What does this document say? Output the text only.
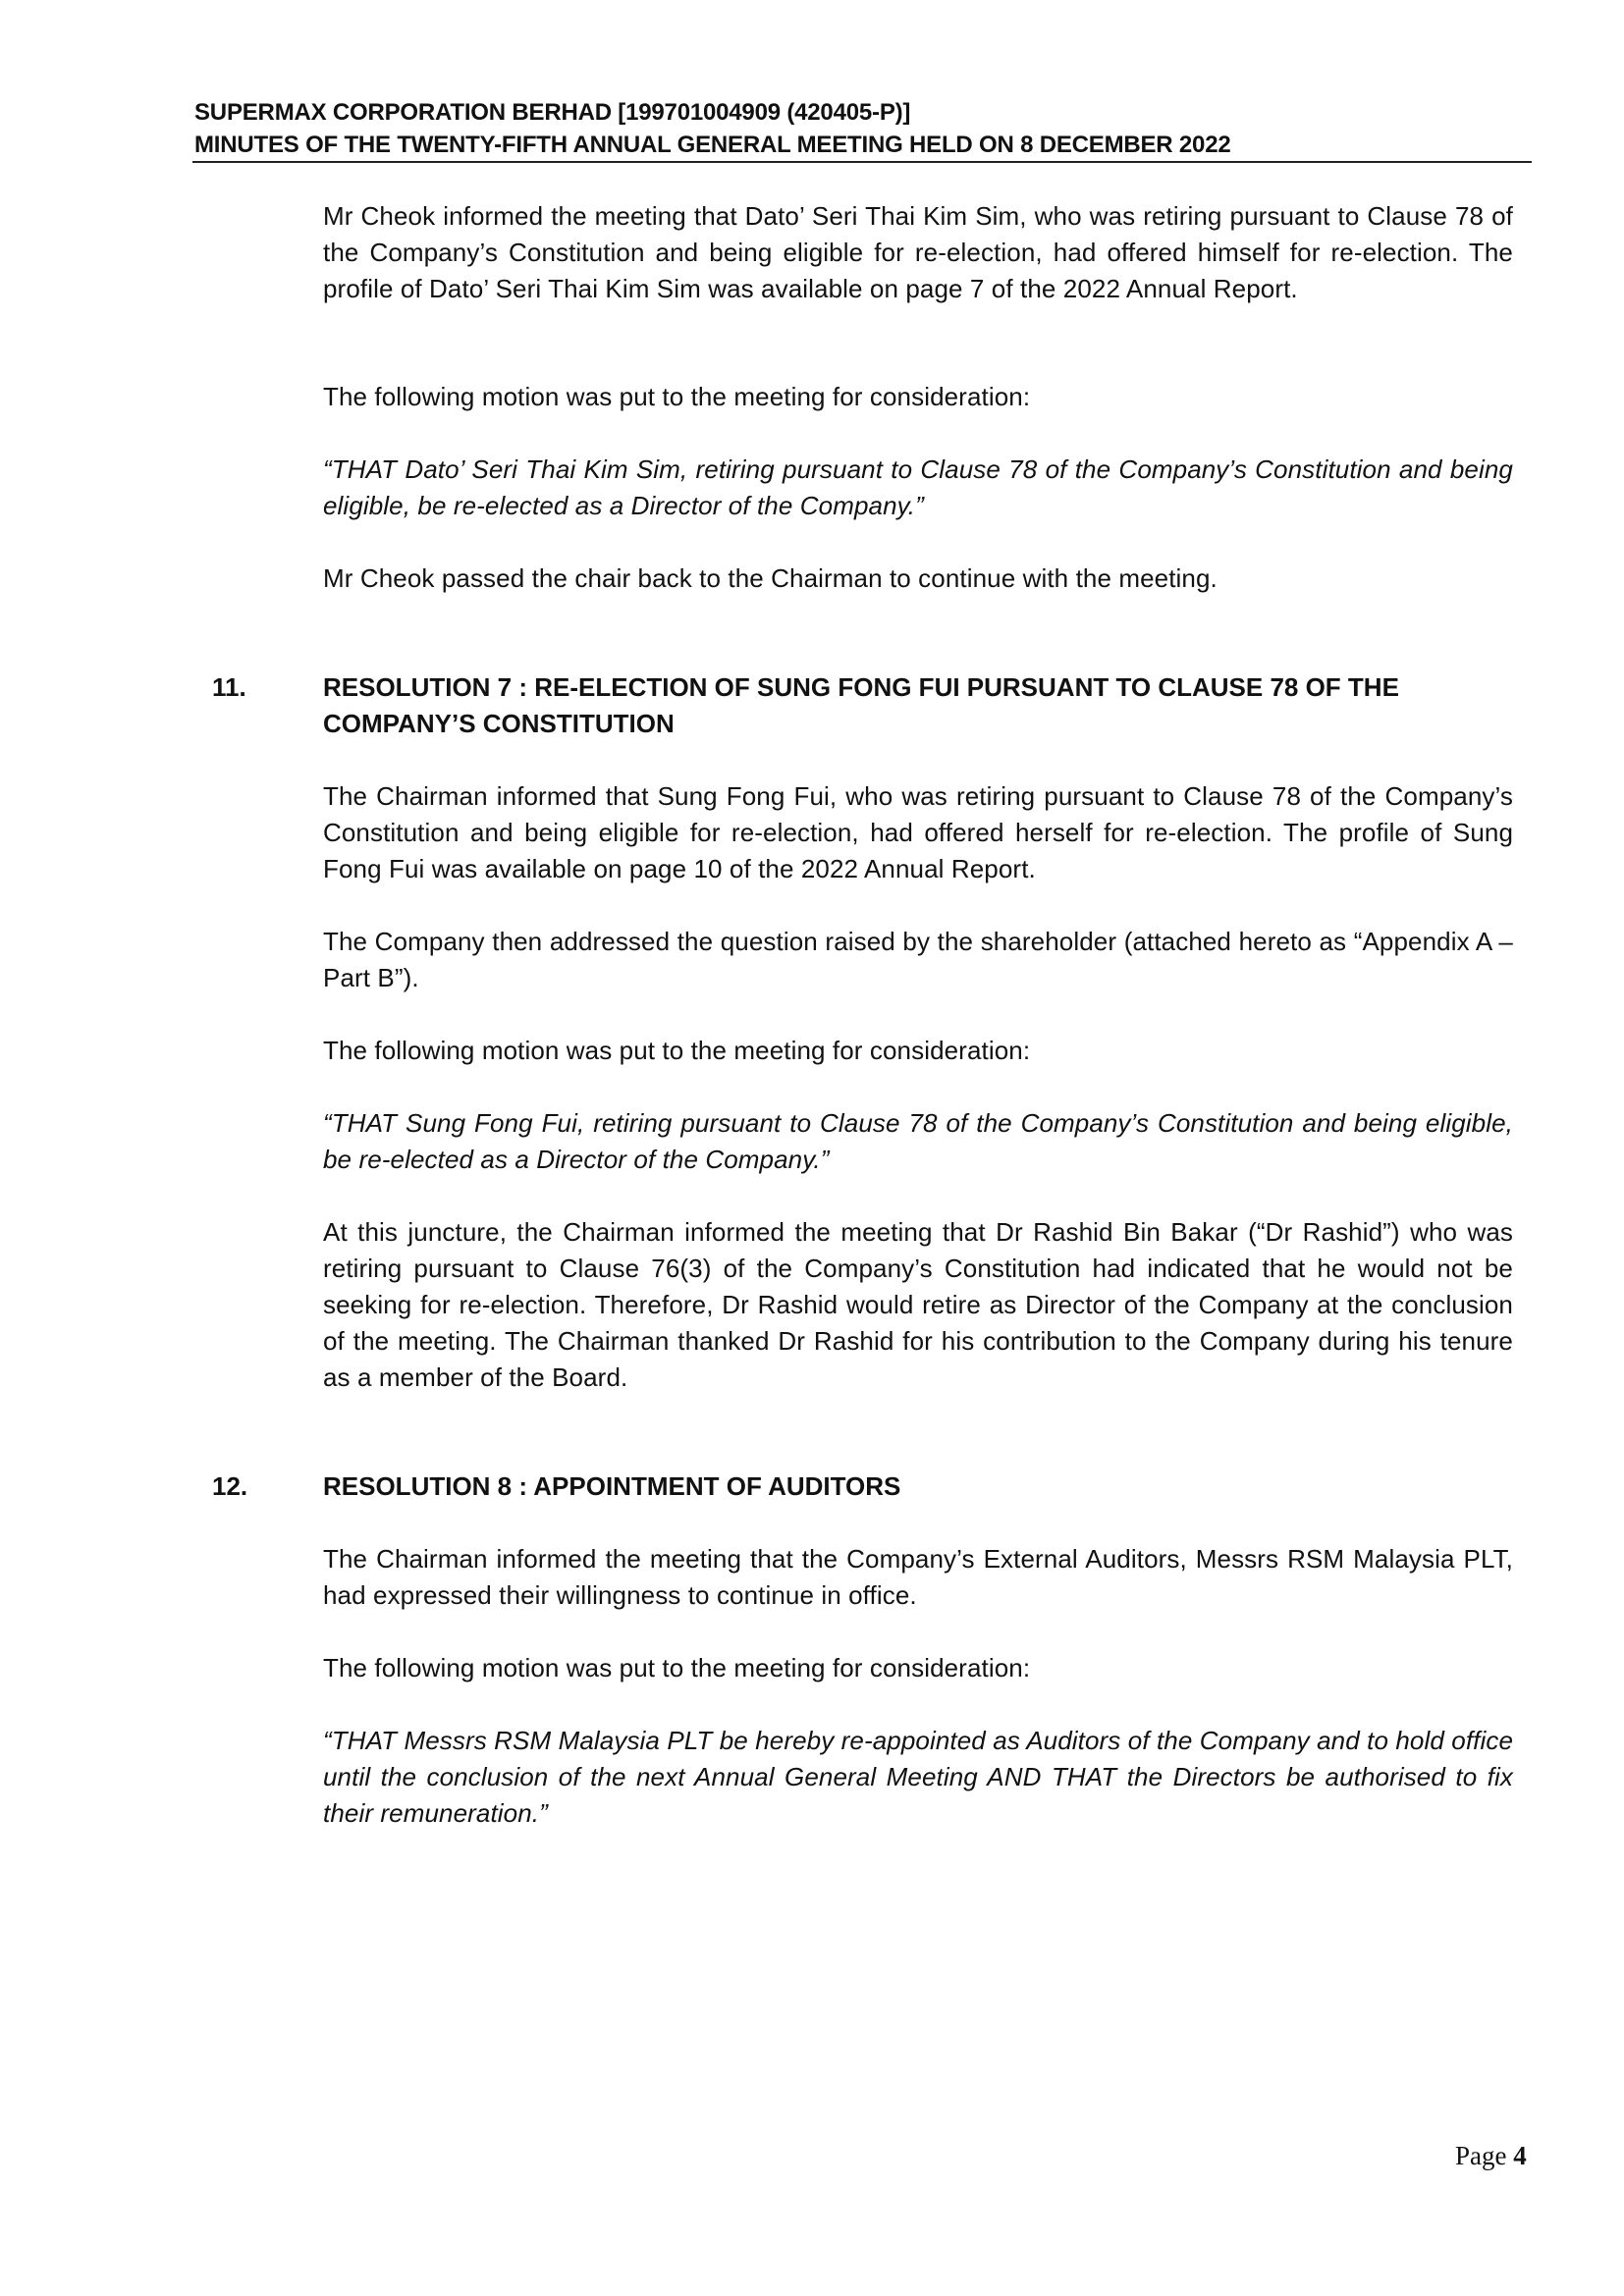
SUPERMAX CORPORATION BERHAD [199701004909 (420405-P)]
MINUTES OF THE TWENTY-FIFTH ANNUAL GENERAL MEETING HELD ON 8 DECEMBER 2022

Mr Cheok informed the meeting that Dato’ Seri Thai Kim Sim, who was retiring pursuant to Clause 78 of the Company’s Constitution and being eligible for re-election, had offered himself for re-election. The profile of Dato’ Seri Thai Kim Sim was available on page 7 of the 2022 Annual Report.

The following motion was put to the meeting for consideration:

“THAT Dato’ Seri Thai Kim Sim, retiring pursuant to Clause 78 of the Company’s Constitution and being eligible, be re-elected as a Director of the Company.”

Mr Cheok passed the chair back to the Chairman to continue with the meeting.

11.	RESOLUTION 7 : RE-ELECTION OF SUNG FONG FUI PURSUANT TO CLAUSE 78 OF THE COMPANY’S CONSTITUTION

The Chairman informed that Sung Fong Fui, who was retiring pursuant to Clause 78 of the Company’s Constitution and being eligible for re-election, had offered herself for re-election. The profile of Sung Fong Fui was available on page 10 of the 2022 Annual Report.

The Company then addressed the question raised by the shareholder (attached hereto as “Appendix A – Part B”).

The following motion was put to the meeting for consideration:

“THAT Sung Fong Fui, retiring pursuant to Clause 78 of the Company’s Constitution and being eligible, be re-elected as a Director of the Company.”

At this juncture, the Chairman informed the meeting that Dr Rashid Bin Bakar (“Dr Rashid”) who was retiring pursuant to Clause 76(3) of the Company’s Constitution had indicated that he would not be seeking for re-election. Therefore, Dr Rashid would retire as Director of the Company at the conclusion of the meeting. The Chairman thanked Dr Rashid for his contribution to the Company during his tenure as a member of the Board.

12.	RESOLUTION 8 : APPOINTMENT OF AUDITORS

The Chairman informed the meeting that the Company’s External Auditors, Messrs RSM Malaysia PLT, had expressed their willingness to continue in office.

The following motion was put to the meeting for consideration:

“THAT Messrs RSM Malaysia PLT be hereby re-appointed as Auditors of the Company and to hold office until the conclusion of the next Annual General Meeting AND THAT the Directors be authorised to fix their remuneration.”

Page 4
